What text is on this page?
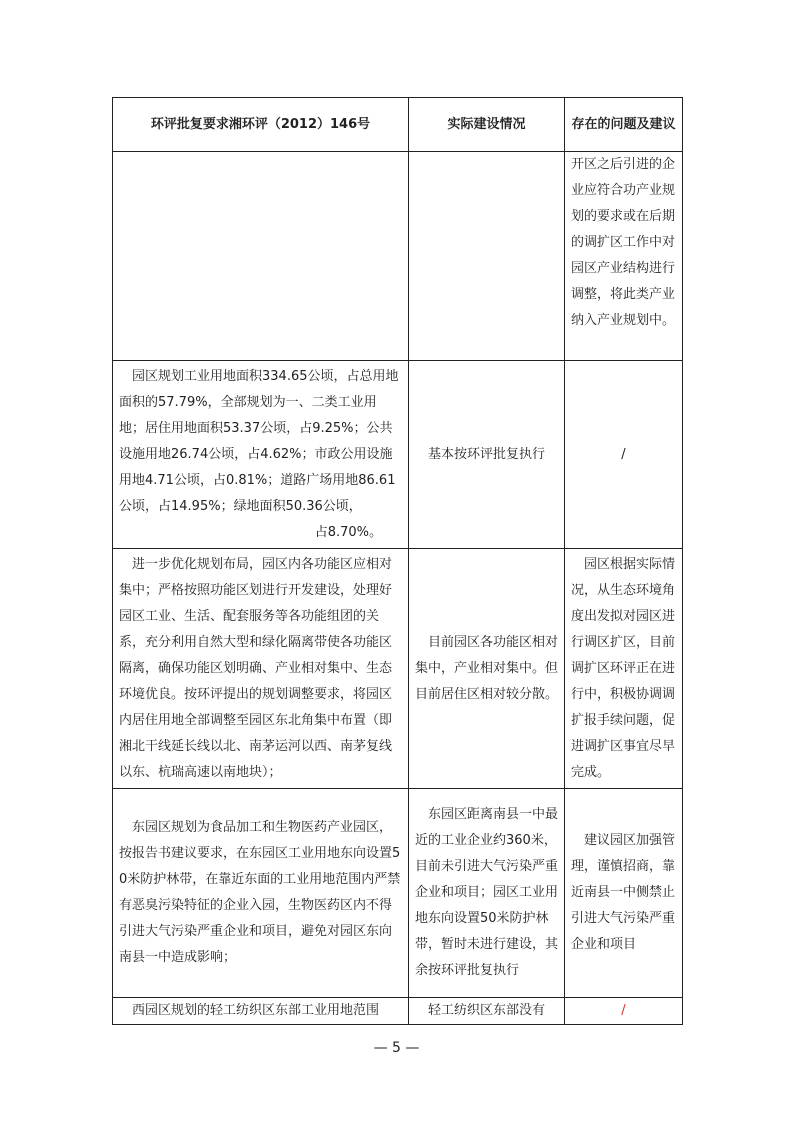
环评批复要求湘环评（2012）146号	实际建设情况	存在的问题及建议

		开区之后引进的企业应符合功产业规划的要求或在后期的调扩区工作中对园区产业结构进行调整，将此类产业纳入产业规划中。

园区规划工业用地面积334.65公顷，占总用地面积的57.79%，全部规划为一、二类工业用地；居住用地面积53.37公顷，占9.25%；公共设施用地26.74公顷，占4.62%；市政公用设施用地4.71公顷，占0.81%；道路广场用地86.61公顷，占14.95%；绿地面积50.36公顷，
占8.70%。	基本按环评批复执行	/

进一步优化规划布局，园区内各功能区应相对集中；严格按照功能区划进行开发建设，处理好园区工业、生活、配套服务等各功能组团的关系，充分利用自然大型和绿化隔离带使各功能区隔离，确保功能区划明确、产业相对集中、生态环境优良。按环评提出的规划调整要求，将园区内居住用地全部调整至园区东北角集中布置（即湘北干线延长线以北、南茅运河以西、南茅复线以东、杭瑞高速以南地块）；	目前园区各功能区相对集中，产业相对集中。但目前居住区相对较分散。	园区根据实际情况，从生态环境角度出发拟对园区进行调区扩区，目前调扩区环评正在进行中，积极协调调扩报手续问题，促进调扩区事宜尽早完成。

东园区规划为食品加工和生物医药产业园区，按报告书建议要求，在东园区工业用地东向设置50米防护林带，在靠近东面的工业用地范围内严禁有恶臭污染特征的企业入园，生物医药区内不得引进大气污染严重企业和项目，避免对园区东向南县一中造成影响；	东园区距离南县一中最近的工业企业约360米，目前未引进大气污染严重企业和项目；园区工业用地东向设置50米防护林带，暂时未进行建设，其余按环评批复执行	建议园区加强管理，谨慎招商，靠近南县一中侧禁止引进大气污染严重企业和项目

西园区规划的轻工纺织区东部工业用地范围	轻工纺织区东部没有	/
— 5 —
